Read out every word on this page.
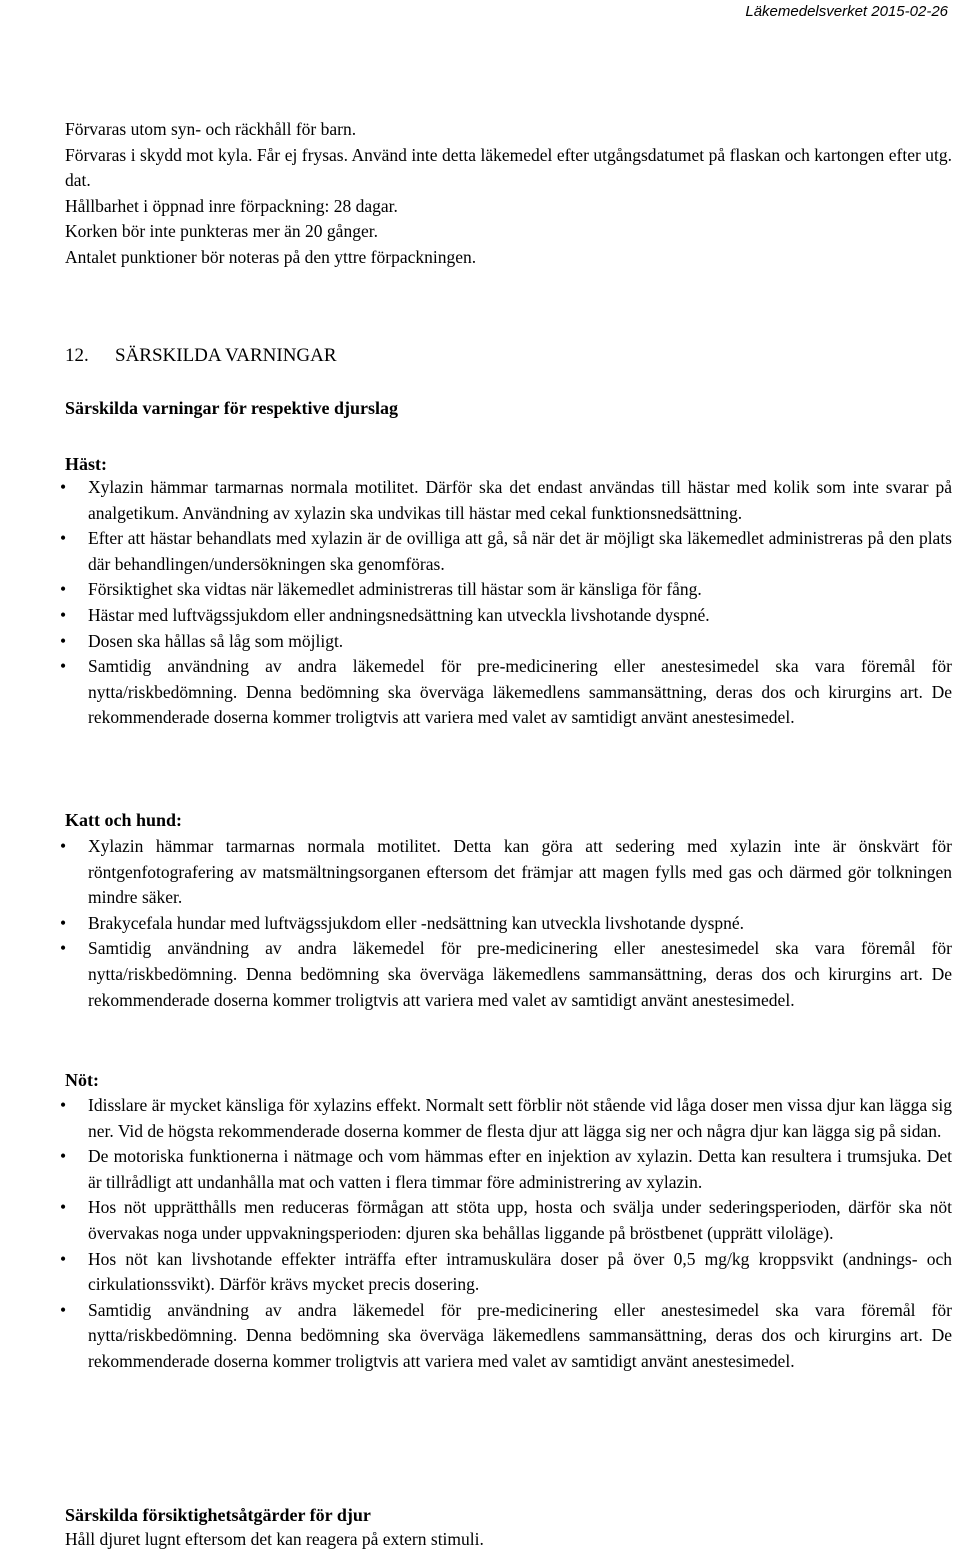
Läkemedelsverket 2015-02-26
Förvaras utom syn- och räckhåll för barn.
Förvaras i skydd mot kyla. Får ej frysas. Använd inte detta läkemedel efter utgångsdatumet på flaskan och kartongen efter utg. dat.
Hållbarhet i öppnad inre förpackning: 28 dagar.
Korken bör inte punkteras mer än 20 gånger.
Antalet punktioner bör noteras på den yttre förpackningen.
12. SÄRSKILDA VARNINGAR
Särskilda varningar för respektive djurslag
Häst:
• Xylazin hämmar tarmarnas normala motilitet. Därför ska det endast användas till hästar med kolik som inte svarar på analgetikum. Användning av xylazin ska undvikas till hästar med cekal funktionsnedsättning.
• Efter att hästar behandlats med xylazin är de ovilliga att gå, så när det är möjligt ska läkemedlet administreras på den plats där behandlingen/undersökningen ska genomföras.
• Försiktighet ska vidtas när läkemedlet administreras till hästar som är känsliga för fång.
• Hästar med luftvägssjukdom eller andningsnedsättning kan utveckla livshotande dyspné.
• Dosen ska hållas så låg som möjligt.
• Samtidig användning av andra läkemedel för pre-medicinering eller anestesimedel ska vara föremål för nytta/riskbedömning. Denna bedömning ska överväga läkemedlens sammansättning, deras dos och kirurgins art. De rekommenderade doserna kommer troligtvis att variera med valet av samtidigt använt anestesimedel.
Katt och hund:
• Xylazin hämmar tarmarnas normala motilitet. Detta kan göra att sedering med xylazin inte är önskvärt för röntgenfotografering av matsmältningsorganen eftersom det främjar att magen fylls med gas och därmed gör tolkningen mindre säker.
• Brakycefala hundar med luftvägssjukdom eller -nedsättning kan utveckla livshotande dyspné.
• Samtidig användning av andra läkemedel för pre-medicinering eller anestesimedel ska vara föremål för nytta/riskbedömning. Denna bedömning ska överväga läkemedlens sammansättning, deras dos och kirurgins art. De rekommenderade doserna kommer troligtvis att variera med valet av samtidigt använt anestesimedel.
Nöt:
• Idisslare är mycket känsliga för xylazins effekt. Normalt sett förblir nöt stående vid låga doser men vissa djur kan lägga sig ner. Vid de högsta rekommenderade doserna kommer de flesta djur att lägga sig ner och några djur kan lägga sig på sidan.
• De motoriska funktionerna i nätmage och vom hämmas efter en injektion av xylazin. Detta kan resultera i trumsjuka. Det är tillrådligt att undanhålla mat och vatten i flera timmar före administrering av xylazin.
• Hos nöt upprätthålls men reduceras förmågan att stöta upp, hosta och svälja under sederingsperioden, därför ska nöt övervakas noga under uppvakningsperioden: djuren ska behållas liggande på bröstbenet (upprätt viloläge).
• Hos nöt kan livshotande effekter inträffa efter intramuskulära doser på över 0,5 mg/kg kroppsvikt (andnings- och cirkulationssvikt). Därför krävs mycket precis dosering.
• Samtidig användning av andra läkemedel för pre-medicinering eller anestesimedel ska vara föremål för nytta/riskbedömning. Denna bedömning ska överväga läkemedlens sammansättning, deras dos och kirurgins art. De rekommenderade doserna kommer troligtvis att variera med valet av samtidigt använt anestesimedel.
Särskilda försiktighetsåtgärder för djur
Håll djuret lugnt eftersom det kan reagera på extern stimuli.
